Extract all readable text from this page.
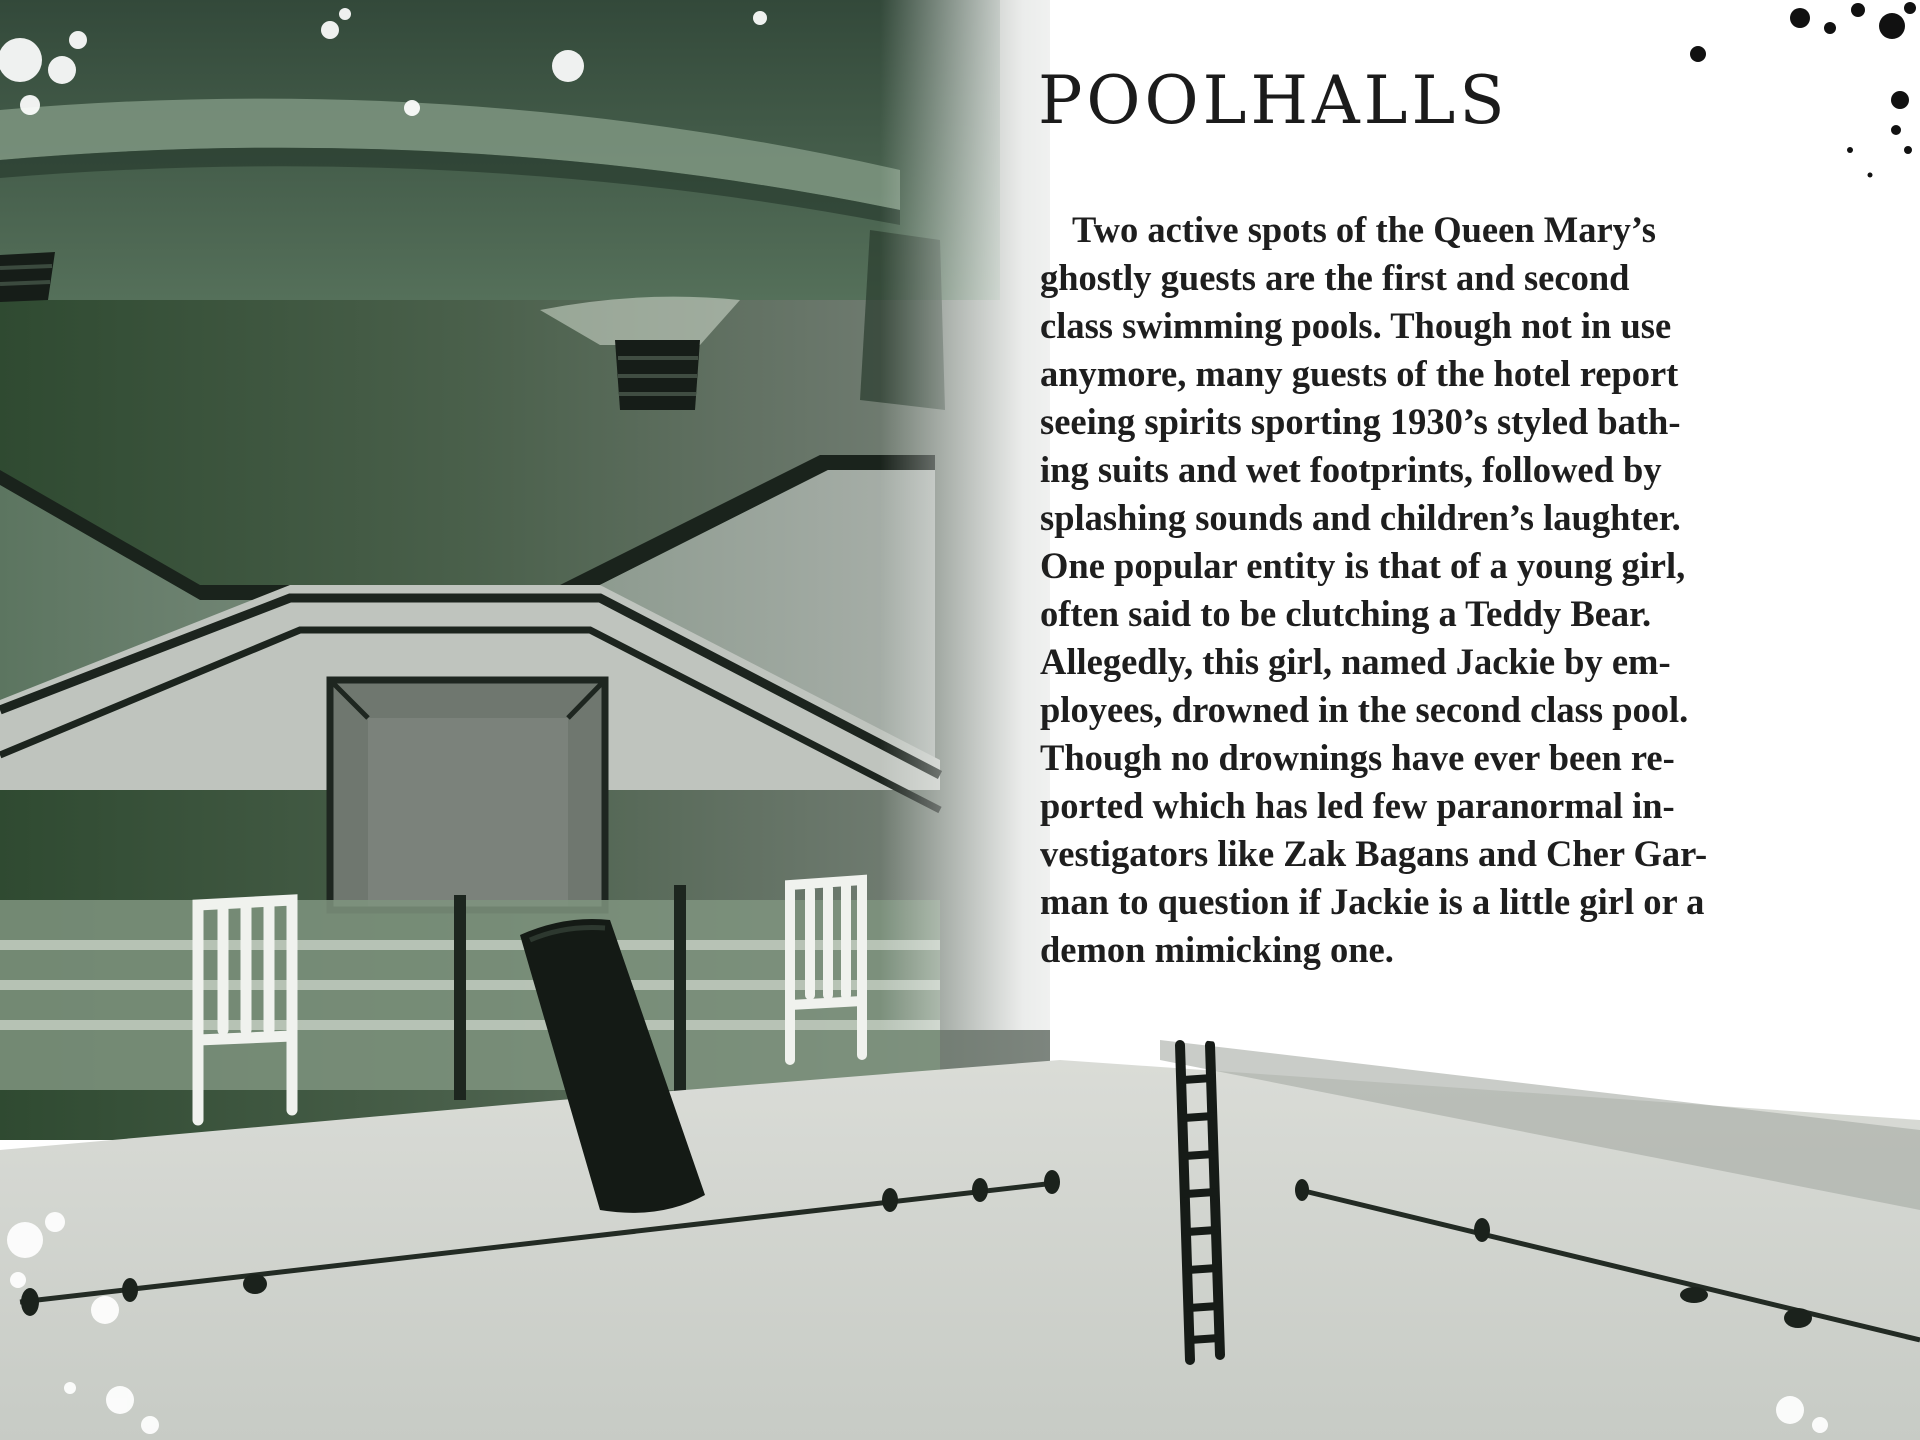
POOLHALLS

Two active spots of the Queen Mary’s
ghostly guests are the first and second
class swimming pools. Though not in use
anymore, many guests of the hotel report
seeing spirits sporting 1930’s styled bath-
ing suits and wet footprints, followed by
splashing sounds and children’s laughter.
One popular entity is that of a young girl,
often said to be clutching a Teddy Bear.
Allegedly, this girl, named Jackie by em-
ployees, drowned in the second class pool.
Though no drownings have ever been re-
ported which has led few paranormal in-
vestigators like Zak Bagans and Cher Gar-
man to question if Jackie is a little girl or a
demon mimicking one.
